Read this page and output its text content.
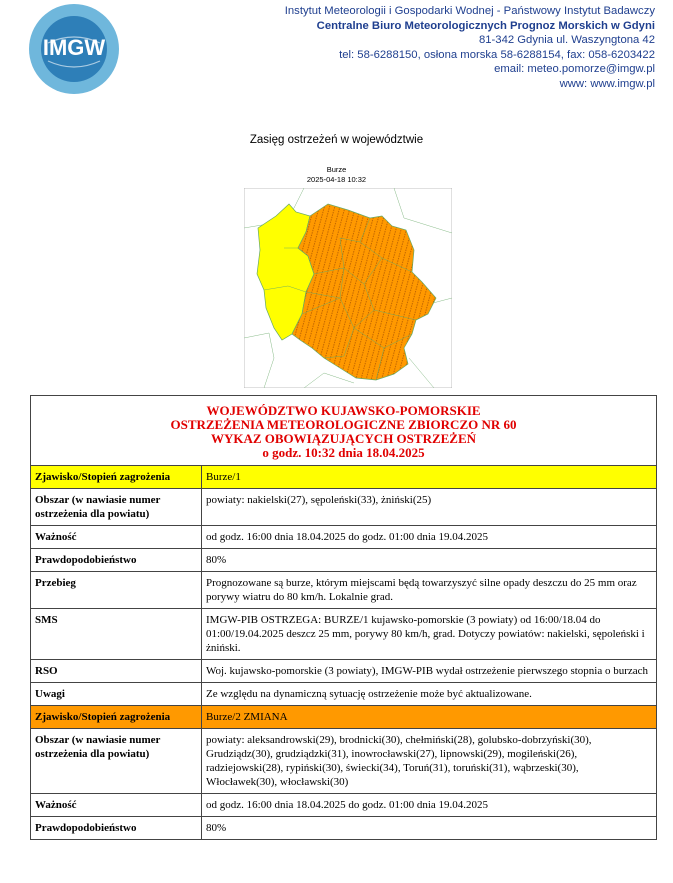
IMGW
Instytut Meteorologii i Gospodarki Wodnej - Państwowy Instytut Badawczy
Centralne Biuro Meteorologicznych Prognoz Morskich w Gdyni
81-342 Gdynia ul. Waszyngtona 42
tel: 58-6288150, osłona morska 58-6288154, fax: 058-6203422
email: meteo.pomorze@imgw.pl
www: www.imgw.pl
Zasięg ostrzeżeń w województwie
Burze
2025-04-18 10:32
WOJEWÓDZTWO KUJAWSKO-POMORSKIE
OSTRZEŻENIA METEOROLOGICZNE ZBIORCZO NR 60
WYKAZ OBOWIĄZUJĄCYCH OSTRZEŻEŃ
o godz. 10:32 dnia 18.04.2025	

Zjawisko/Stopień zagrożenia	Burze/1
Obszar (w nawiasie numer ostrzeżenia dla powiatu)	powiaty: nakielski(27), sępoleński(33), żniński(25)
Ważność	od godz. 16:00 dnia 18.04.2025 do godz. 01:00 dnia 19.04.2025
Prawdopodobieństwo	80%
Przebieg	Prognozowane są burze, którym miejscami będą towarzyszyć silne opady deszczu do 25 mm oraz porywy wiatru do 80 km/h. Lokalnie grad.
SMS	IMGW-PIB OSTRZEGA: BURZE/1 kujawsko-pomorskie (3 powiaty) od 16:00/18.04 do 01:00/19.04.2025 deszcz 25 mm, porywy 80 km/h, grad. Dotyczy powiatów: nakielski, sępoleński i żniński.
RSO	Woj. kujawsko-pomorskie (3 powiaty), IMGW-PIB wydał ostrzeżenie pierwszego stopnia o burzach
Uwagi	Ze względu na dynamiczną sytuację ostrzeżenie może być aktualizowane.
Zjawisko/Stopień zagrożenia	Burze/2 ZMIANA
Obszar (w nawiasie numer ostrzeżenia dla powiatu)	powiaty: aleksandrowski(29), brodnicki(30), chełmiński(28), golubsko-dobrzyński(30), Grudziądz(30), grudziądzki(31), inowrocławski(27), lipnowski(29), mogileński(26), radziejowski(28), rypiński(30), świecki(34), Toruń(31), toruński(31), wąbrzeski(30), Włocławek(30), włocławski(30)
Ważność	od godz. 16:00 dnia 18.04.2025 do godz. 01:00 dnia 19.04.2025
Prawdopodobieństwo	80%
